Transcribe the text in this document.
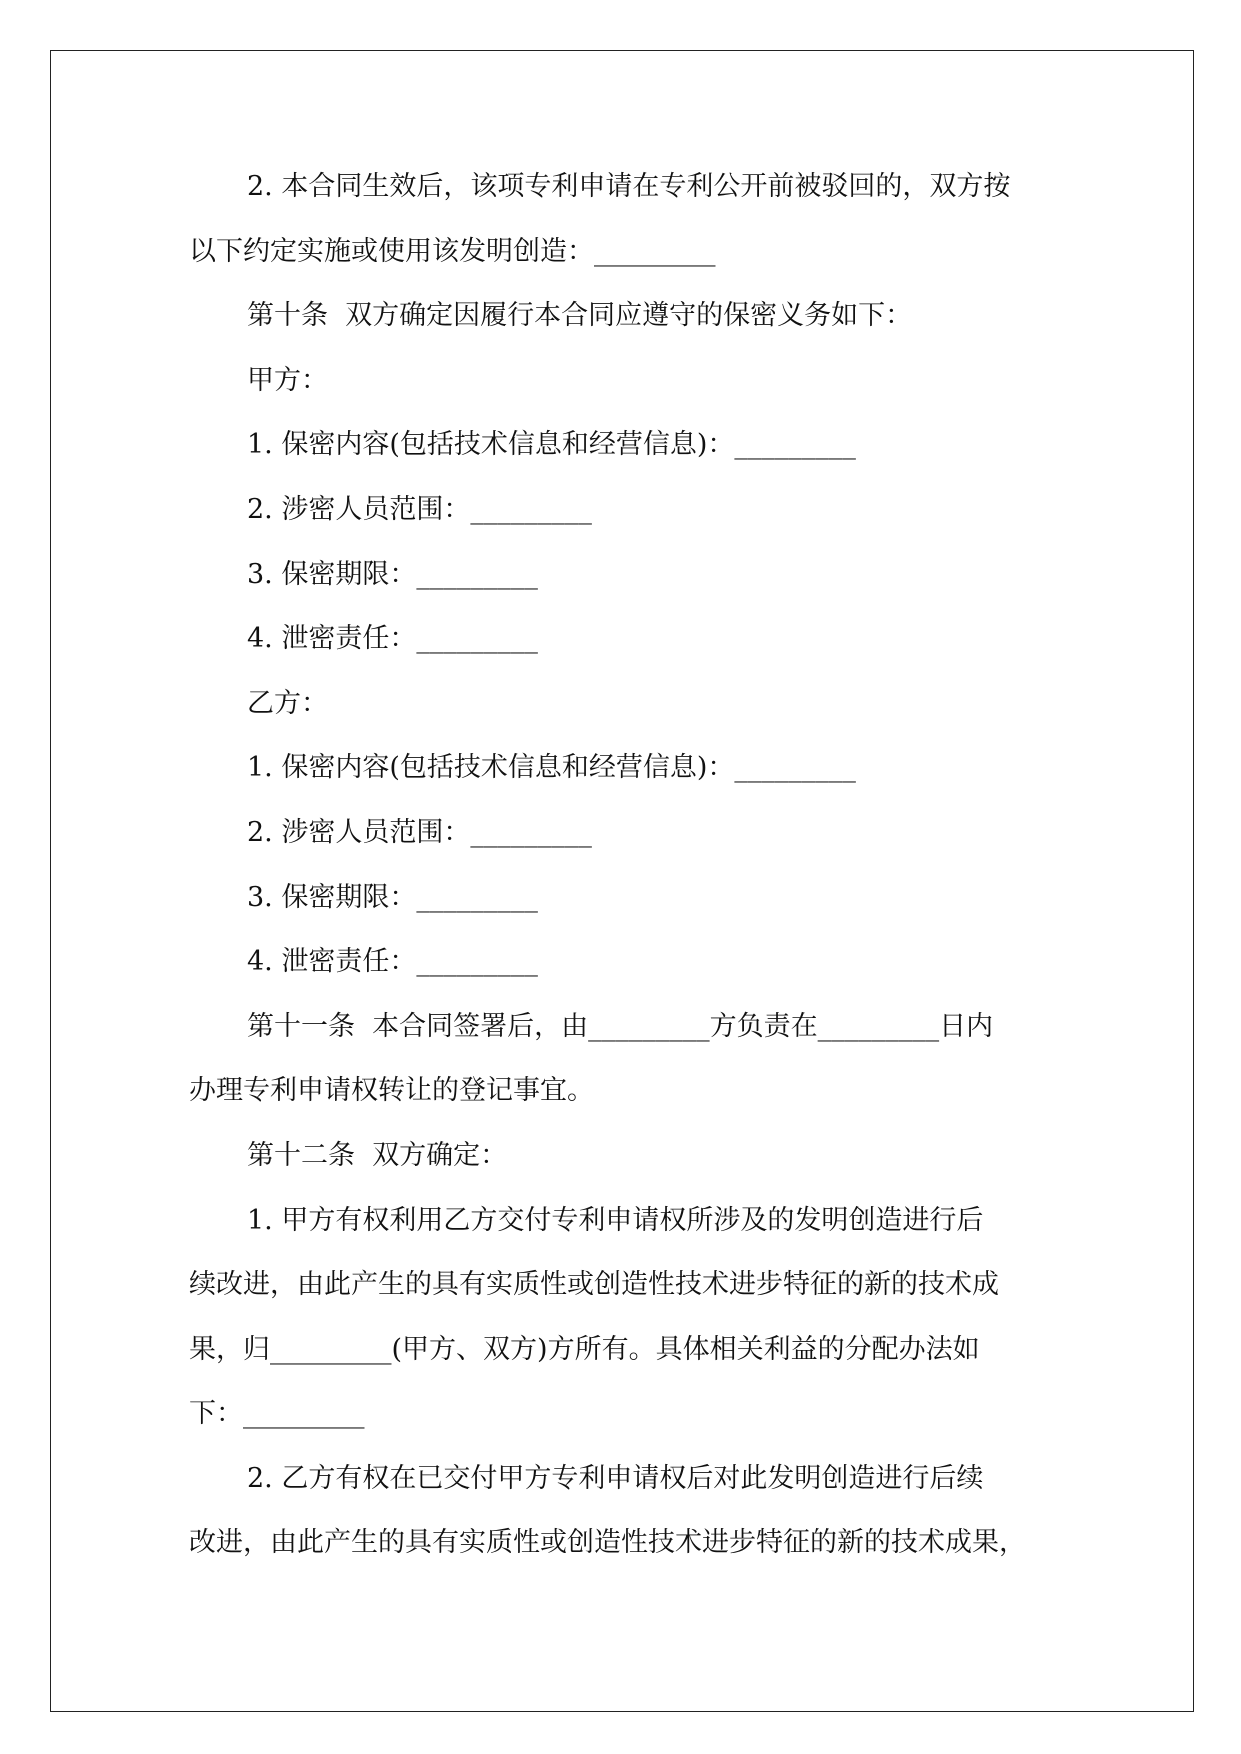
2. 本合同生效后，该项专利申请在专利公开前被驳回的，双方按

以下约定实施或使用该发明创造：_________

第十条  双方确定因履行本合同应遵守的保密义务如下：

甲方：

1. 保密内容(包括技术信息和经营信息)：_________

2. 涉密人员范围：_________

3. 保密期限：_________

4. 泄密责任：_________

乙方：

1. 保密内容(包括技术信息和经营信息)：_________

2. 涉密人员范围：_________

3. 保密期限：_________

4. 泄密责任：_________

第十一条  本合同签署后，由_________方负责在_________日内

办理专利申请权转让的登记事宜。

第十二条  双方确定：

1. 甲方有权利用乙方交付专利申请权所涉及的发明创造进行后

续改进，由此产生的具有实质性或创造性技术进步特征的新的技术成

果，归_________(甲方、双方)方所有。具体相关利益的分配办法如

下：_________

2. 乙方有权在已交付甲方专利申请权后对此发明创造进行后续

改进，由此产生的具有实质性或创造性技术进步特征的新的技术成果，
